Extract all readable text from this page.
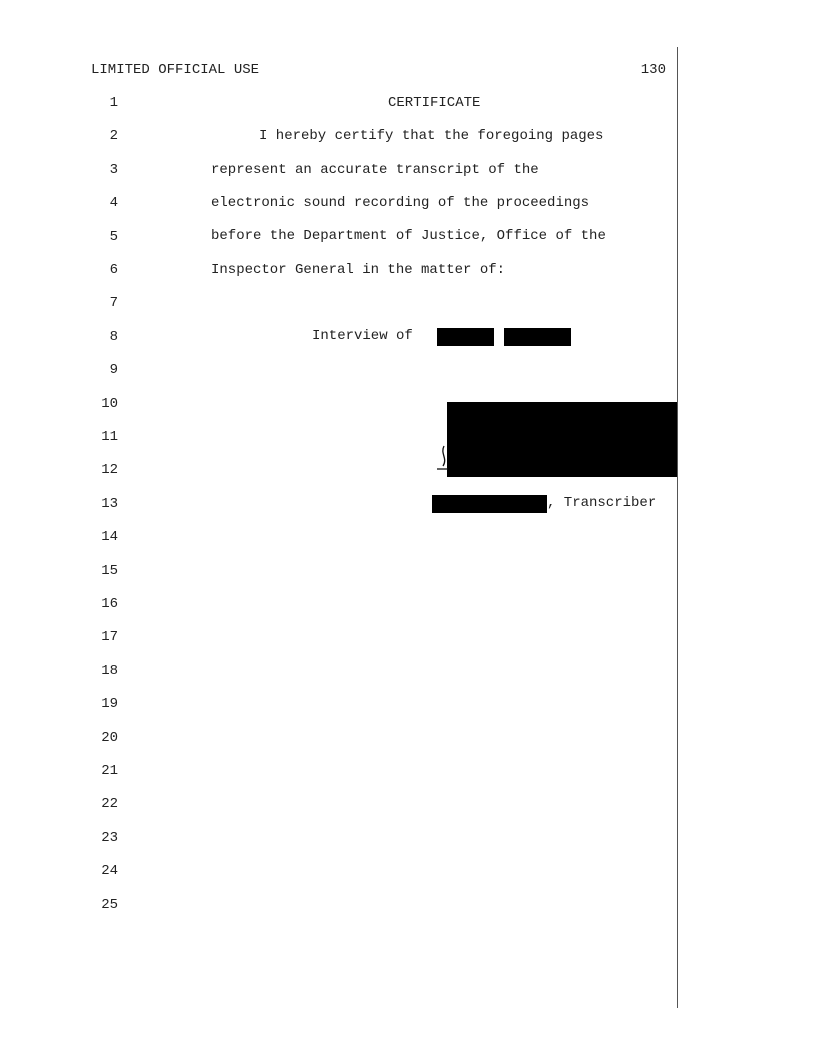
LIMITED OFFICIAL USE	130
1
2
3
4
5
6
7
8
9
10
11
12
13
14
15
16
17
18
19
20
21
22
23
24
25
CERTIFICATE
I hereby certify that the foregoing pages
represent an accurate transcript of the
electronic sound recording of the proceedings
before the Department of Justice, Office of the
Inspector General in the matter of:
Interview of
, Transcriber
